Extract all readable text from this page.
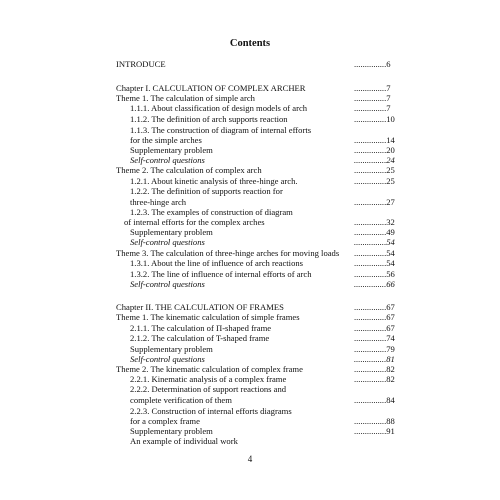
Contents
INTRODUCE	...............6
Chapter I. CALCULATION OF COMPLEX ARCHER	...............7
Theme 1. The calculation of simple arch	...............7
1.1.1. About classification of design models of arch	...............7
1.1.2. The definition of arch supports reaction	...............10
1.1.3. The construction of diagram of internal efforts
for the simple arches	...............14
Supplementary problem	...............20
Self-control questions	...............24
Theme 2. The calculation of complex arch	...............25
1.2.1. About kinetic analysis of three-hinge arch.	...............25
1.2.2. The definition of supports reaction for
three-hinge arch	...............27
1.2.3. The examples of construction of diagram
of internal efforts for the complex arches	...............32
Supplementary problem	...............49
Self-control questions	...............54
Theme 3. The calculation of three-hinge arches for moving loads ...............54
1.3.1. About the line of influence of arch reactions	...............54
1.3.2. The line of influence of internal efforts of arch	...............56
Self-control questions	...............66
Chapter II. THE CALCULATION OF FRAMES	...............67
Theme 1. The kinematic calculation of simple frames	...............67
2.1.1. The calculation of П-shaped frame	...............67
2.1.2. The calculation of T-shaped frame	...............74
Supplementary problem	...............79
Self-control questions	...............81
Theme 2. The kinematic calculation of complex frame	...............82
2.2.1. Kinematic analysis of a complex frame	...............82
2.2.2. Determination of support reactions and
complete verification of them	...............84
2.2.3. Construction of internal efforts diagrams
for a complex frame	...............88
Supplementary problem	...............91
An example of individual work
4
